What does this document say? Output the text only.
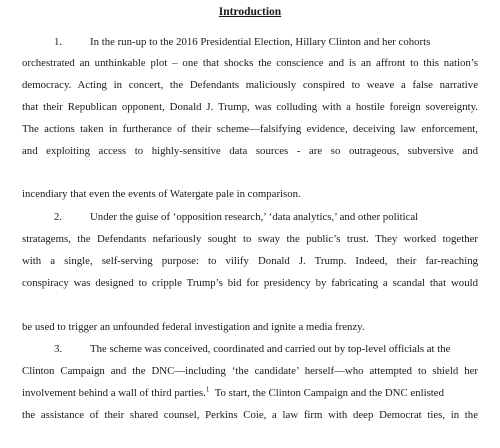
Introduction
1.	In the run-up to the 2016 Presidential Election, Hillary Clinton and her cohorts
orchestrated an unthinkable plot – one that shocks the conscience and is an affront to this nation’s
democracy. Acting in concert, the Defendants maliciously conspired to weave a false narrative
that their Republican opponent, Donald J. Trump, was colluding with a hostile foreign sovereignty.
The actions taken in furtherance of their scheme—falsifying evidence, deceiving law enforcement,
and exploiting access to highly-sensitive data sources - are so outrageous, subversive and
incendiary that even the events of Watergate pale in comparison.
2.	Under the guise of ‘opposition research,’ ‘data analytics,’ and other political
stratagems, the Defendants nefariously sought to sway the public’s trust. They worked together
with a single, self-serving purpose: to vilify Donald J. Trump. Indeed, their far-reaching
conspiracy was designed to cripple Trump’s bid for presidency by fabricating a scandal that would
be used to trigger an unfounded federal investigation and ignite a media frenzy.
3.	The scheme was conceived, coordinated and carried out by top-level officials at the
Clinton Campaign and the DNC—including ‘the candidate’ herself—who attempted to shield her
involvement behind a wall of third parties.$^1$ To start, the Clinton Campaign and the DNC enlisted
the assistance of their shared counsel, Perkins Coie, a law firm with deep Democrat ties, in the
